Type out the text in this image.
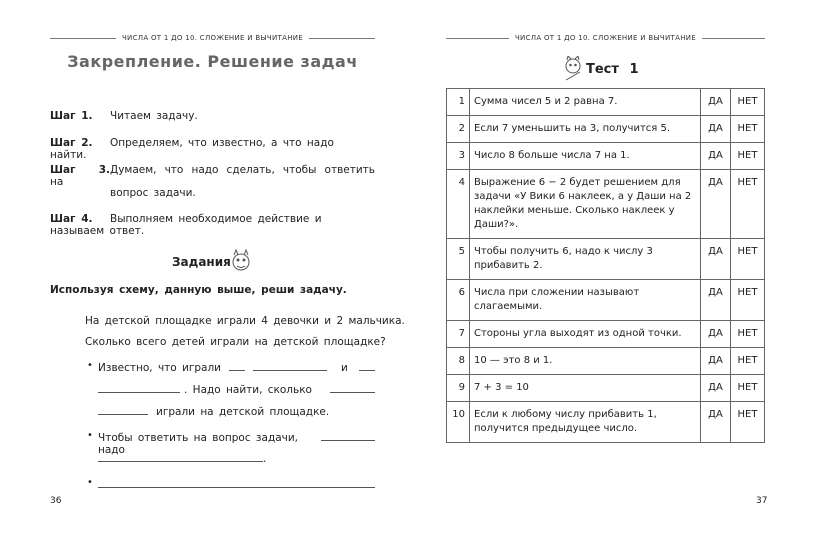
ЧИСЛА ОТ 1 ДО 10. СЛОЖЕНИЕ И ВЫЧИТАНИЕ
Закрепление. Решение задач
Шаг 1. Читаем задачу.
Шаг 2. Определяем, что известно, а что надо найти.
Шаг 3.Думаем, что надо сделать, чтобы ответить на
вопрос задачи.
Шаг 4. Выполняем необходимое действие и называем ответ.
Задания
Используя схему, данную выше, реши задачу.
На детской площадке играли 4 девочки и 2 мальчика.
Сколько всего детей играли на детской площадке?
• Известно, что играли	и
. Надо найти, сколько
играли на детской площадке.
• Чтобы ответить на вопрос задачи, надо
.
•
36
ЧИСЛА ОТ 1 ДО 10. СЛОЖЕНИЕ И ВЫЧИТАНИЕ
Тест 1
1	Сумма чисел 5 и 2 равна 7.	ДА	НЕТ
2	Если 7 уменьшить на 3, получится 5.	ДА	НЕТ
3	Число 8 больше числа 7 на 1.	ДА	НЕТ
4	Выражение 6 − 2 будет решением для задачи «У Вики 6 наклеек, а у Даши на 2 наклейки меньше. Сколько наклеек у Даши?».	ДА	НЕТ
5	Чтобы получить 6, надо к числу 3 прибавить 2.	ДА	НЕТ
6	Числа при сложении называют слагаемыми.	ДА	НЕТ
7	Стороны угла выходят из одной точки.	ДА	НЕТ
8	10 — это 8 и 1.	ДА	НЕТ
9	7 + 3 = 10	ДА	НЕТ
10	Если к любому числу прибавить 1, получится предыдущее число.	ДА	НЕТ
37
